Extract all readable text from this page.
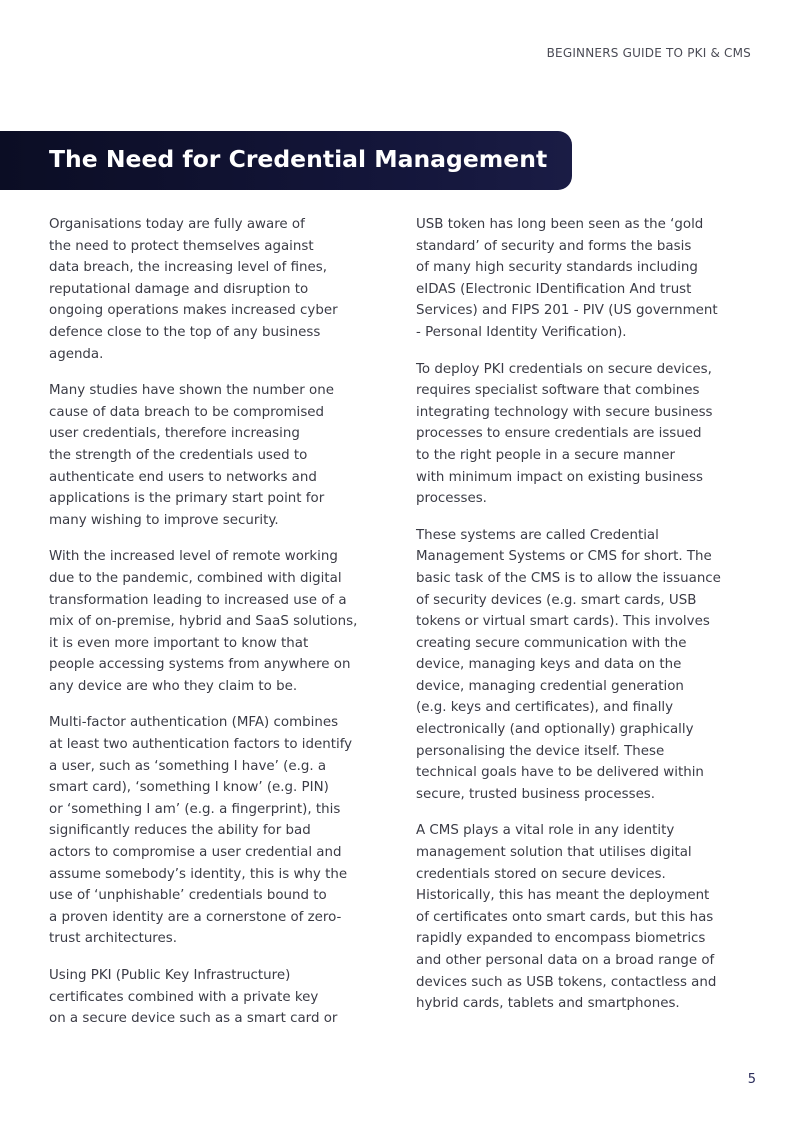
BEGINNERS GUIDE TO PKI & CMS
The Need for Credential Management

Organisations today are fully aware of
the need to protect themselves against
data breach, the increasing level of fines,
reputational damage and disruption to
ongoing operations makes increased cyber
defence close to the top of any business
agenda.

Many studies have shown the number one
cause of data breach to be compromised
user credentials, therefore increasing
the strength of the credentials used to
authenticate end users to networks and
applications is the primary start point for
many wishing to improve security.

With the increased level of remote working
due to the pandemic, combined with digital
transformation leading to increased use of a
mix of on-premise, hybrid and SaaS solutions,
it is even more important to know that
people accessing systems from anywhere on
any device are who they claim to be.

Multi-factor authentication (MFA) combines
at least two authentication factors to identify
a user, such as ‘something I have’ (e.g. a
smart card), ‘something I know’ (e.g. PIN)
or ‘something I am’ (e.g. a fingerprint), this
significantly reduces the ability for bad
actors to compromise a user credential and
assume somebody’s identity, this is why the
use of ‘unphishable’ credentials bound to
a proven identity are a cornerstone of zero-
trust architectures.

Using PKI (Public Key Infrastructure)
certificates combined with a private key
on a secure device such as a smart card or

USB token has long been seen as the ‘gold
standard’ of security and forms the basis
of many high security standards including
eIDAS (Electronic IDentification And trust
Services) and FIPS 201 - PIV (US government
- Personal Identity Verification).

To deploy PKI credentials on secure devices,
requires specialist software that combines
integrating technology with secure business
processes to ensure credentials are issued
to the right people in a secure manner
with minimum impact on existing business
processes.

These systems are called Credential
Management Systems or CMS for short. The
basic task of the CMS is to allow the issuance
of security devices (e.g. smart cards, USB
tokens or virtual smart cards). This involves
creating secure communication with the
device, managing keys and data on the
device, managing credential generation
(e.g. keys and certificates), and finally
electronically (and optionally) graphically
personalising the device itself. These
technical goals have to be delivered within
secure, trusted business processes.

A CMS plays a vital role in any identity
management solution that utilises digital
credentials stored on secure devices.
Historically, this has meant the deployment
of certificates onto smart cards, but this has
rapidly expanded to encompass biometrics
and other personal data on a broad range of
devices such as USB tokens, contactless and
hybrid cards, tablets and smartphones.

5
